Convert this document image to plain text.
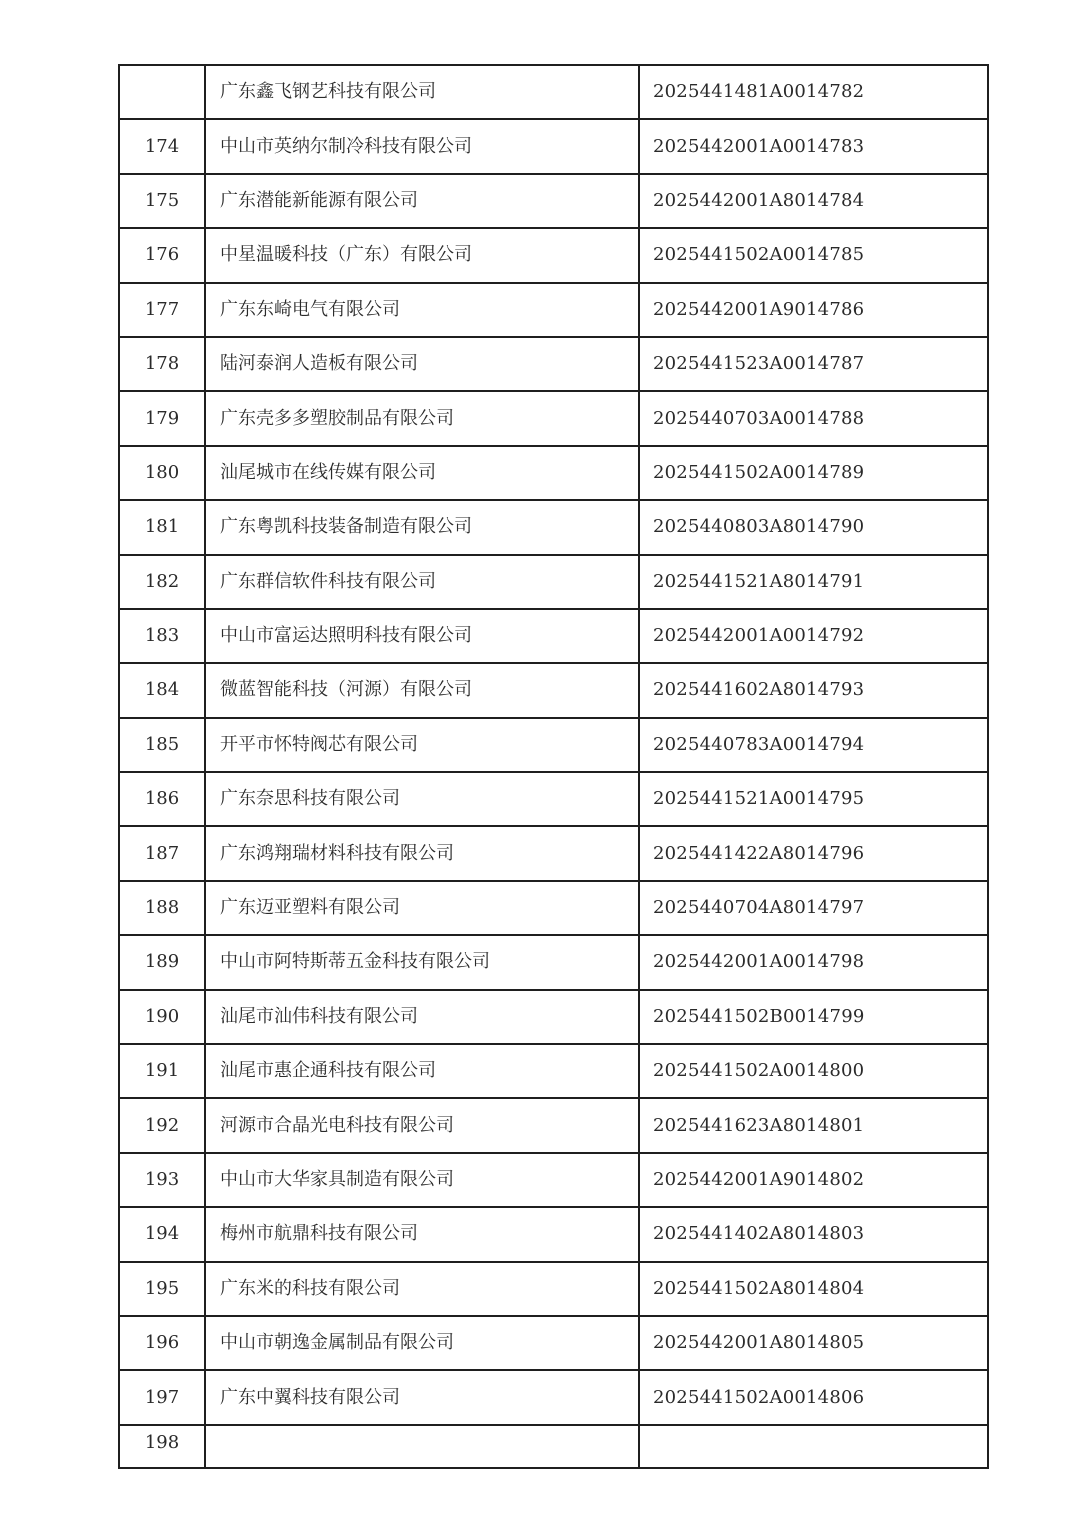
	广东鑫飞钢艺科技有限公司	2025441481A0014782
174	中山市英纳尔制冷科技有限公司	2025442001A0014783
175	广东潜能新能源有限公司	2025442001A8014784
176	中星温暖科技（广东）有限公司	2025441502A0014785
177	广东东崎电气有限公司	2025442001A9014786
178	陆河泰润人造板有限公司	2025441523A0014787
179	广东壳多多塑胶制品有限公司	2025440703A0014788
180	汕尾城市在线传媒有限公司	2025441502A0014789
181	广东粤凯科技装备制造有限公司	2025440803A8014790
182	广东群信软件科技有限公司	2025441521A8014791
183	中山市富运达照明科技有限公司	2025442001A0014792
184	微蓝智能科技（河源）有限公司	2025441602A8014793
185	开平市怀特阀芯有限公司	2025440783A0014794
186	广东奈思科技有限公司	2025441521A0014795
187	广东鸿翔瑞材料科技有限公司	2025441422A8014796
188	广东迈亚塑料有限公司	2025440704A8014797
189	中山市阿特斯蒂五金科技有限公司	2025442001A0014798
190	汕尾市汕伟科技有限公司	2025441502B0014799
191	汕尾市惠企通科技有限公司	2025441502A0014800
192	河源市合晶光电科技有限公司	2025441623A8014801
193	中山市大华家具制造有限公司	2025442001A9014802
194	梅州市航鼎科技有限公司	2025441402A8014803
195	广东米的科技有限公司	2025441502A8014804
196	中山市朝逸金属制品有限公司	2025442001A8014805
197	广东中翼科技有限公司	2025441502A0014806
198		
